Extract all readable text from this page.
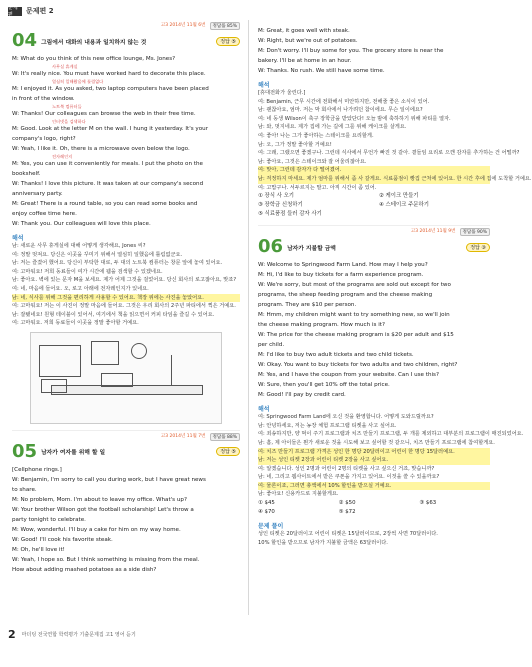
문제편	문제편 2
고3 2014년 11월 6번	정답률 85%
04 그림에서 대화의 내용과 일치하지 않는 것	정답 ⑤
M: What do you think of this new office lounge, Ms. Jones?
사무실 휴게실
W: It's really nice. You must have worked hard to decorate this place.
열심히 일해왔음에 틀림없다
M: I enjoyed it. As you asked, two laptop computers have been placed
in front of the window.
노트북 컴퓨터들
W: Thanks! Our colleagues can browse the web in their free time.
인터넷을 검색하다
M: Good. Look at the letter M on the wall. I hung it yesterday. It's your
company's logo, right?
W: Yeah, I like it. Oh, there is a microwave oven below the logo.
전자레인지
M: Yes, you can use it conveniently for meals. I put the photo on the
bookshelf.
W: Thanks! I love this picture. It was taken at our company's second
anniversary party.
M: Great! There is a round table, so you can read some books and
enjoy coffee time here.
W: Thank you. Our colleagues will love this place.
해석
남: 새로운 사무 휴게실에 대해 어떻게 생각해요, Jones 씨?
여: 정말 멋져요. 당신은 이곳을 꾸미기 위해서 열심히 일했음에 틀림없군요.
남: 저는 즐겼어 했어요. 당신이 부탁한 대로, 두 대의 노트북 컴퓨터는 창문 앞에 놓여 있어요.
여: 고마워요! 저희 동료들이 여가 시간에 웹을 검색할 수 있겠네요.
남: 좋아요. 벽에 있는 문자 M을 보세요. 제가 어제 그것을 걸었어요. 당신 회사의 로고잖아요, 맞죠?
여: 네, 마음에 들어요. 오, 로고 아래에 전자레인지가 있네요.
남: 네, 식사를 위해 그것을 편리하게 사용할 수 있어요. 책장 위에는 사진을 놓았어요.
여: 고마워요! 저는 이 사진이 정말 마음에 들어요. 그것은 우리 회사의 2주년 파티에서 찍은 거예요.
남: 잘됐네요! 원형 테이블이 있어서, 여기에서 책을 읽으면서 커피 타임을 즐길 수 있어요.
여: 고마워요. 저희 동료들이 이곳을 정말 좋아할 거예요.
고3 2014년 11월 7번	정답률 88%
05 남자가 여자를 위해 할 일	정답 ⑤
[Cellphone rings.]
W: Benjamin, I'm sorry to call you during work, but I have great news
to share.
M: No problem, Mom. I'm about to leave my office. What's up?
W: Your brother Wilson got the football scholarship! Let's throw a
party tonight to celebrate.
M: Wow, wonderful. I'll buy a cake for him on my way home.
W: Good! I'll cook his favorite steak.
M: Oh, he'll love it!
W: Yeah, I hope so. But I think something is missing from the meal.
How about adding mashed potatoes as a side dish?
M: Great, it goes well with steak.
W: Right, but we're out of potatoes.
M: Don't worry. I'll buy some for you. The grocery store is near the
bakery. I'll be at home in an hour.
W: Thanks. No rush. We still have some time.
해석
[휴대전화가 울린다.]
여: Benjamin, 근무 시간에 전화해서 미안하지만, 전해줄 좋은 소식이 있어.
남: 괜찮아요, 엄마. 저는 막 회사에서 나가려던 참이에요. 무슨 일이에요?
여: 네 동생 Wilson이 축구 장학금을 받았단다! 오늘 밤에 축하하기 위해 파티를 열자.
남: 와, 멋지네요. 제가 집에 가는 길에 그를 위해 케이크를 살게요.
여: 좋아! 나는 그가 좋아하는 스테이크를 요리할게.
남: 오, 그가 정말 좋아할 거예요!
여: 그래, 그랬으면 좋겠구나. 그런데 식사에서 무언가 빠진 것 같아. 곁들임 요리로 으깬 감자를 추가하는 건 어떨까?
남: 좋아요, 그것은 스테이크와 잘 어울리잖아요.
여: 맞아, 그런데 감자가 다 떨어졌어.
남: 걱정하지 마세요. 제가 엄마를 위해서 좀 사 갈게요. 식료품점이 빵집 근처에 있어요. 한 시간 후에 집에 도착할 거예요.
여: 고맙구나. 서두르지는 말고. 아직 시간이 좀 있어.
① 장식 사 오기	② 케이크 만들기
③ 장학금 신청하기	④ 스테이크 주문하기
⑤ 식료품점 들러 감자 사기
고3 2014년 11월 9번	정답률 90%
06 남자가 지불할 금액	정답 ③
W: Welcome to Springwood Farm Land. How may I help you?
M: Hi, I'd like to buy tickets for a farm experience program.
W: We're sorry, but most of the programs are sold out except for two
programs, the sheep feeding program and the cheese making
program. They are $10 per person.
M: Hmm, my children might want to try something new, so we'll join
the cheese making program. How much is it?
W: The price for the cheese making program is $20 per adult and $15
per child.
M: I'd like to buy two adult tickets and two child tickets.
W: Okay. You want to buy tickets for two adults and two children, right?
M: Yes, and I have the coupon from your website. Can I use this?
W: Sure, then you'll get 10% off the total price.
M: Good! I'll pay by credit card.
해석
여: Springwood Farm Land에 오신 것을 환영합니다. 어떻게 도와드릴까요?
남: 안녕하세요, 저는 농장 체험 프로그램 티켓을 사고 싶어요.
여: 죄송하지만, 양 먹이 주기 프로그램과 치즈 만들기 프로그램, 두 개를 제외하고 대부분의 프로그램이 매진되었어요.
남: 흠, 제 아이들은 뭔가 새로운 것을 시도해 보고 싶어할 것 같으니, 치즈 만들기 프로그램에 참여할게요.
여: 치즈 만들기 프로그램 가격은 성인 한 명당 20달러이고 어린이 한 명당 15달러예요.
남: 저는 성인 티켓 2장과 어린이 티켓 2장을 사고 싶어요.
여: 알겠습니다. 성인 2명과 어린이 2명의 티켓을 사고 싶으신 거죠, 맞습니까?
남: 네, 그리고 웹사이트에서 받은 쿠폰을 가지고 있어요. 이것을 쓸 수 있을까요?
여: 물론이죠, 그러면 총액에서 10% 할인을 받으실 거예요.
남: 좋아요! 신용카드로 지불할게요.
① $45	② $50	③ $63
④ $70	⑤ $72
문제 풀이
성인 티켓은 20달러이고 어린이 티켓은 15달러이므로, 2장씩 사면 70달러이다.
10% 할인을 받으므로 남자가 지불할 금액은 63달러이다.
2 마더텅 전국연합 학력평가 기출문제집 고1 영어 듣기
